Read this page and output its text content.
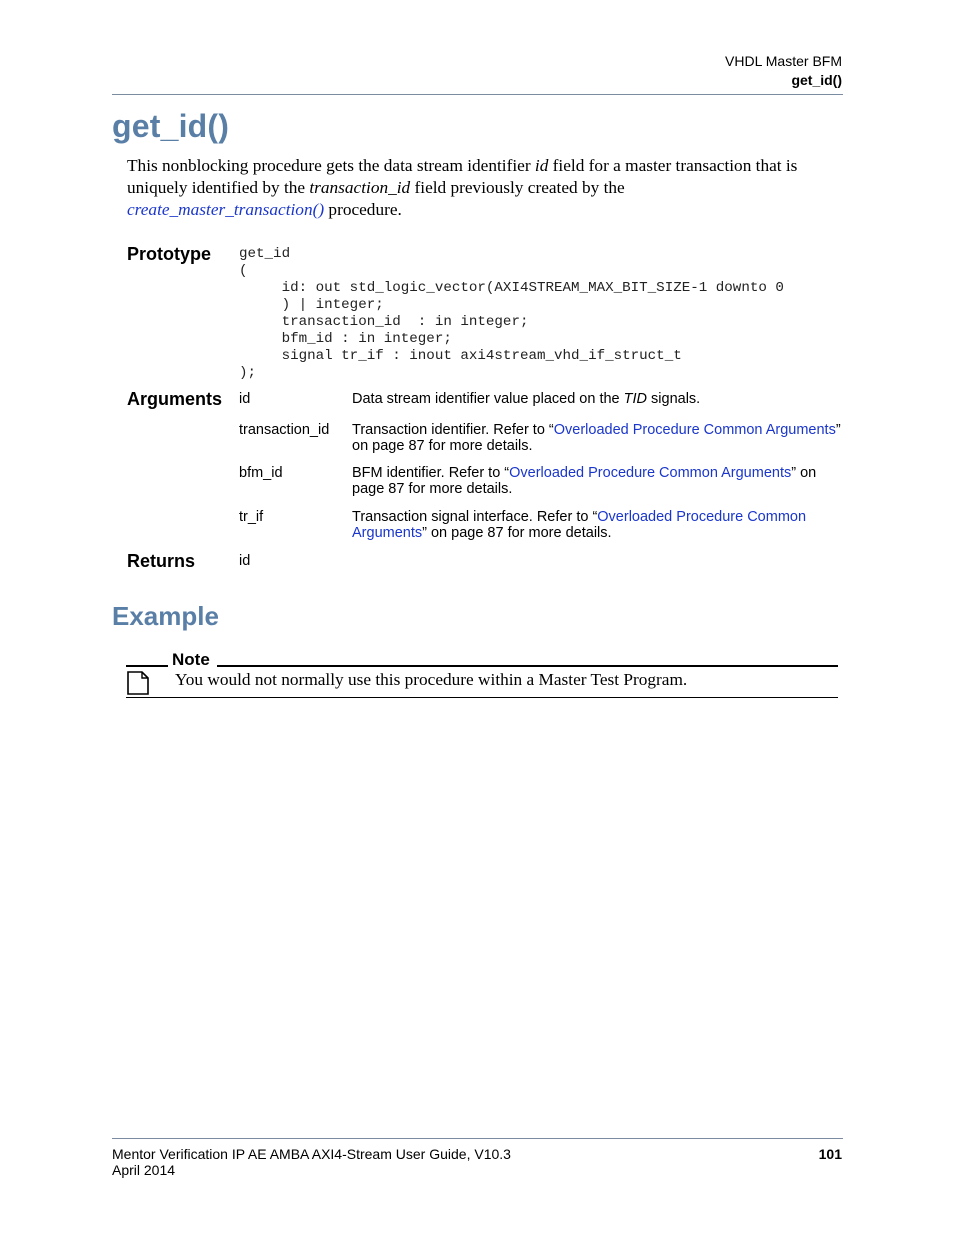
VHDL Master BFM
get_id()
get_id()
This nonblocking procedure gets the data stream identifier id field for a master transaction that is uniquely identified by the transaction_id field previously created by the
create_master_transaction() procedure.
Prototype get_id
(
id: out std_logic_vector(AXI4STREAM_MAX_BIT_SIZE-1 downto 0
) | integer;
transaction_id  : in integer;
bfm_id : in integer;
signal tr_if : inout axi4stream_vhd_if_struct_t
);
Arguments id	Data stream identifier value placed on the TID signals.
transaction_id Transaction identifier. Refer to “Overloaded Procedure Common Arguments” on page 87 for more details.
bfm_id	BFM identifier. Refer to “Overloaded Procedure Common Arguments” on page 87 for more details.
tr_if	Transaction signal interface. Refer to “Overloaded Procedure Common Arguments” on page 87 for more details.
Returns	id
Example
Note
You would not normally use this procedure within a Master Test Program.
Mentor Verification IP AE AMBA AXI4-Stream User Guide, V10.3
April 2014
101
